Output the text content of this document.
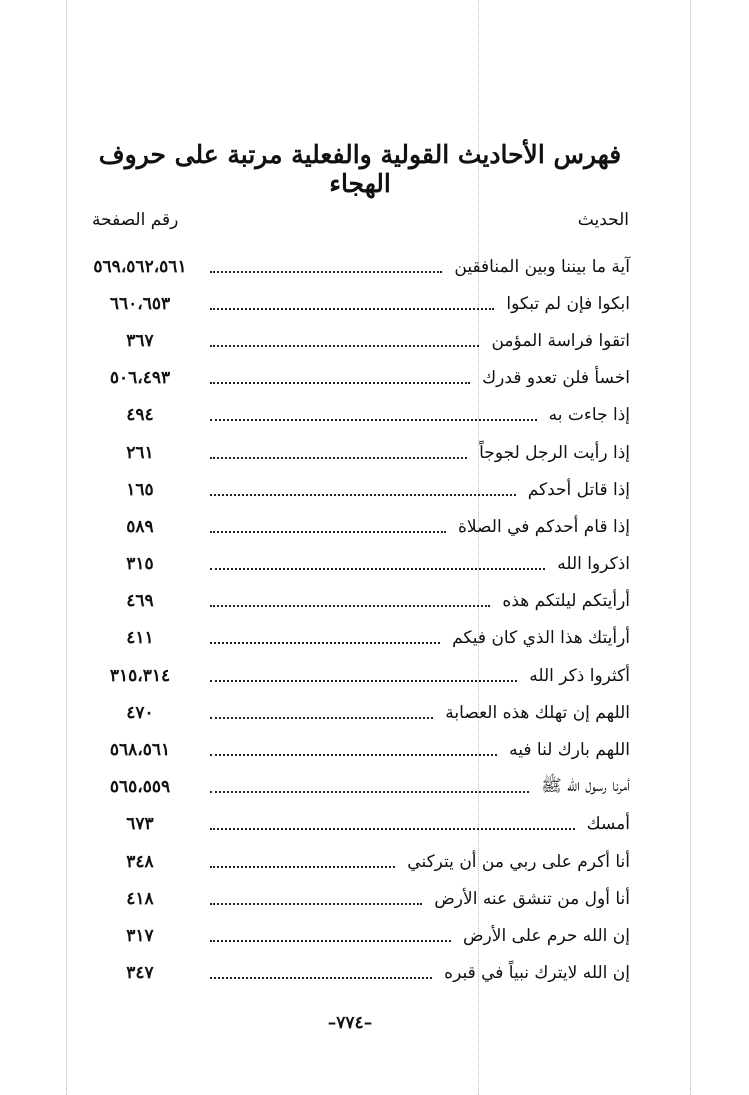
فهرس الأحاديث القولية والفعلية مرتبة على حروف الهجاء
الحديث
رقم الصفحة
آية ما بيننا وبين المنافقين
٥٦٩،٥٦٢،٥٦١
ابكوا فإن لم تبكوا
٦٦٠،٦٥٣
اتقوا فراسة المؤمن
٣٦٧
اخسأ فلن تعدو قدرك
٥٠٦،٤٩٣
إذا جاءت به
٤٩٤
إذا رأيت الرجل لجوجاً
٢٦١
إذا قاتل أحدكم
١٦٥
إذا قام أحدكم في الصلاة
٥٨٩
اذكروا الله
٣١٥
أرأيتكم ليلتكم هذه
٤٦٩
أرأيتك هذا الذي كان فيكم
٤١١
أكثروا ذكر الله
٣١٥،٣١٤
اللهم إن تهلك هذه العصابة
٤٧٠
اللهم بارك لنا فيه
٥٦٨،٥٦١
أمرنا رسول الله ﷺ
٥٦٥،٥٥٩
أمسك
٦٧٣
أنا أكرم على ربي من أن يتركني
٣٤٨
أنا أول من تنشق عنه الأرض
٤١٨
إن الله حرم على الأرض
٣١٧
إن الله لايترك نبياً في قبره
٣٤٧
–٧٧٤–
